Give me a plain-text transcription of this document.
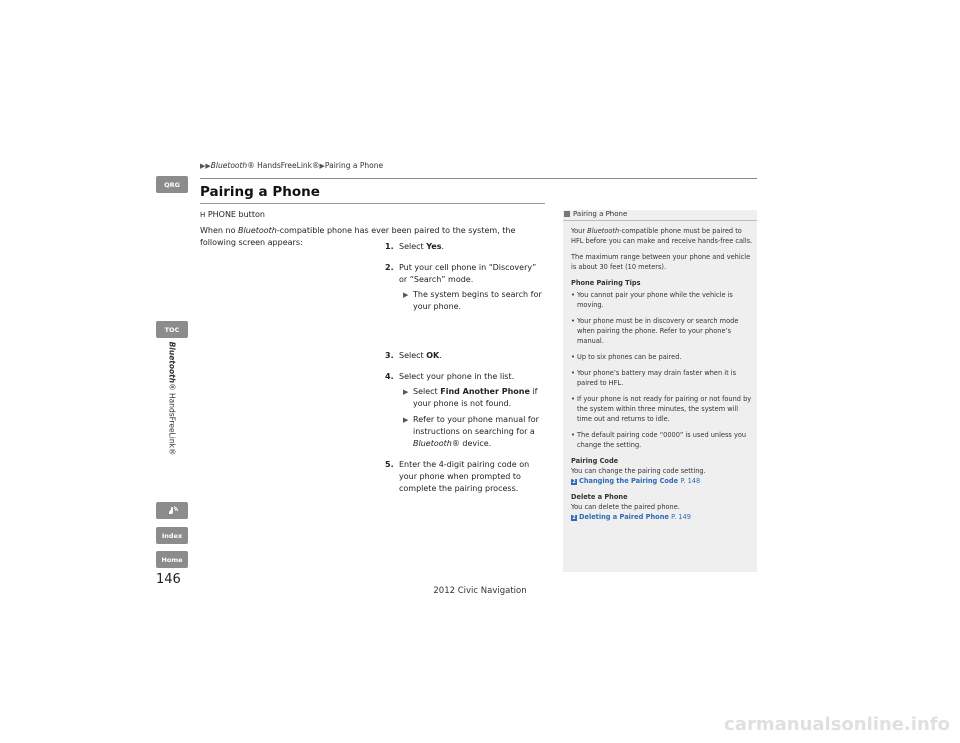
▶▶Bluetooth® HandsFreeLink®▶Pairing a Phone
Pairing a Phone
QRG
TOC
Bluetooth® HandsFreeLink®
Index
Home
146
H PHONE button
When no Bluetooth-compatible phone has ever been paired to the system, the following screen appears:	1. Select Yes.
2. Put your cell phone in “Discovery” or “Search” mode.
▶ The system begins to search for your phone.
3. Select OK.
4. Select your phone in the list.
▶ Select Find Another Phone if your phone is not found.
▶ Refer to your phone manual for instructions on searching for a Bluetooth® device.
5. Enter the 4-digit pairing code on your phone when prompted to complete the pairing process.
Pairing a Phone

Your Bluetooth-compatible phone must be paired to HFL before you can make and receive hands-free calls.

The maximum range between your phone and vehicle is about 30 feet (10 meters).

Phone Pairing Tips

• You cannot pair your phone while the vehicle is moving.
• Your phone must be in discovery or search mode when pairing the phone. Refer to your phone’s manual.
• Up to six phones can be paired.
• Your phone’s battery may drain faster when it is paired to HFL.
• If your phone is not ready for pairing or not found by the system within three minutes, the system will time out and returns to idle.
• The default pairing code “0000” is used unless you change the setting.

Pairing Code

You can change the pairing code setting.

2 Changing the Pairing Code P. 148

Delete a Phone

You can delete the paired phone.

2 Deleting a Paired Phone P. 149

2012 Civic Navigation
carmanualsonline.info
